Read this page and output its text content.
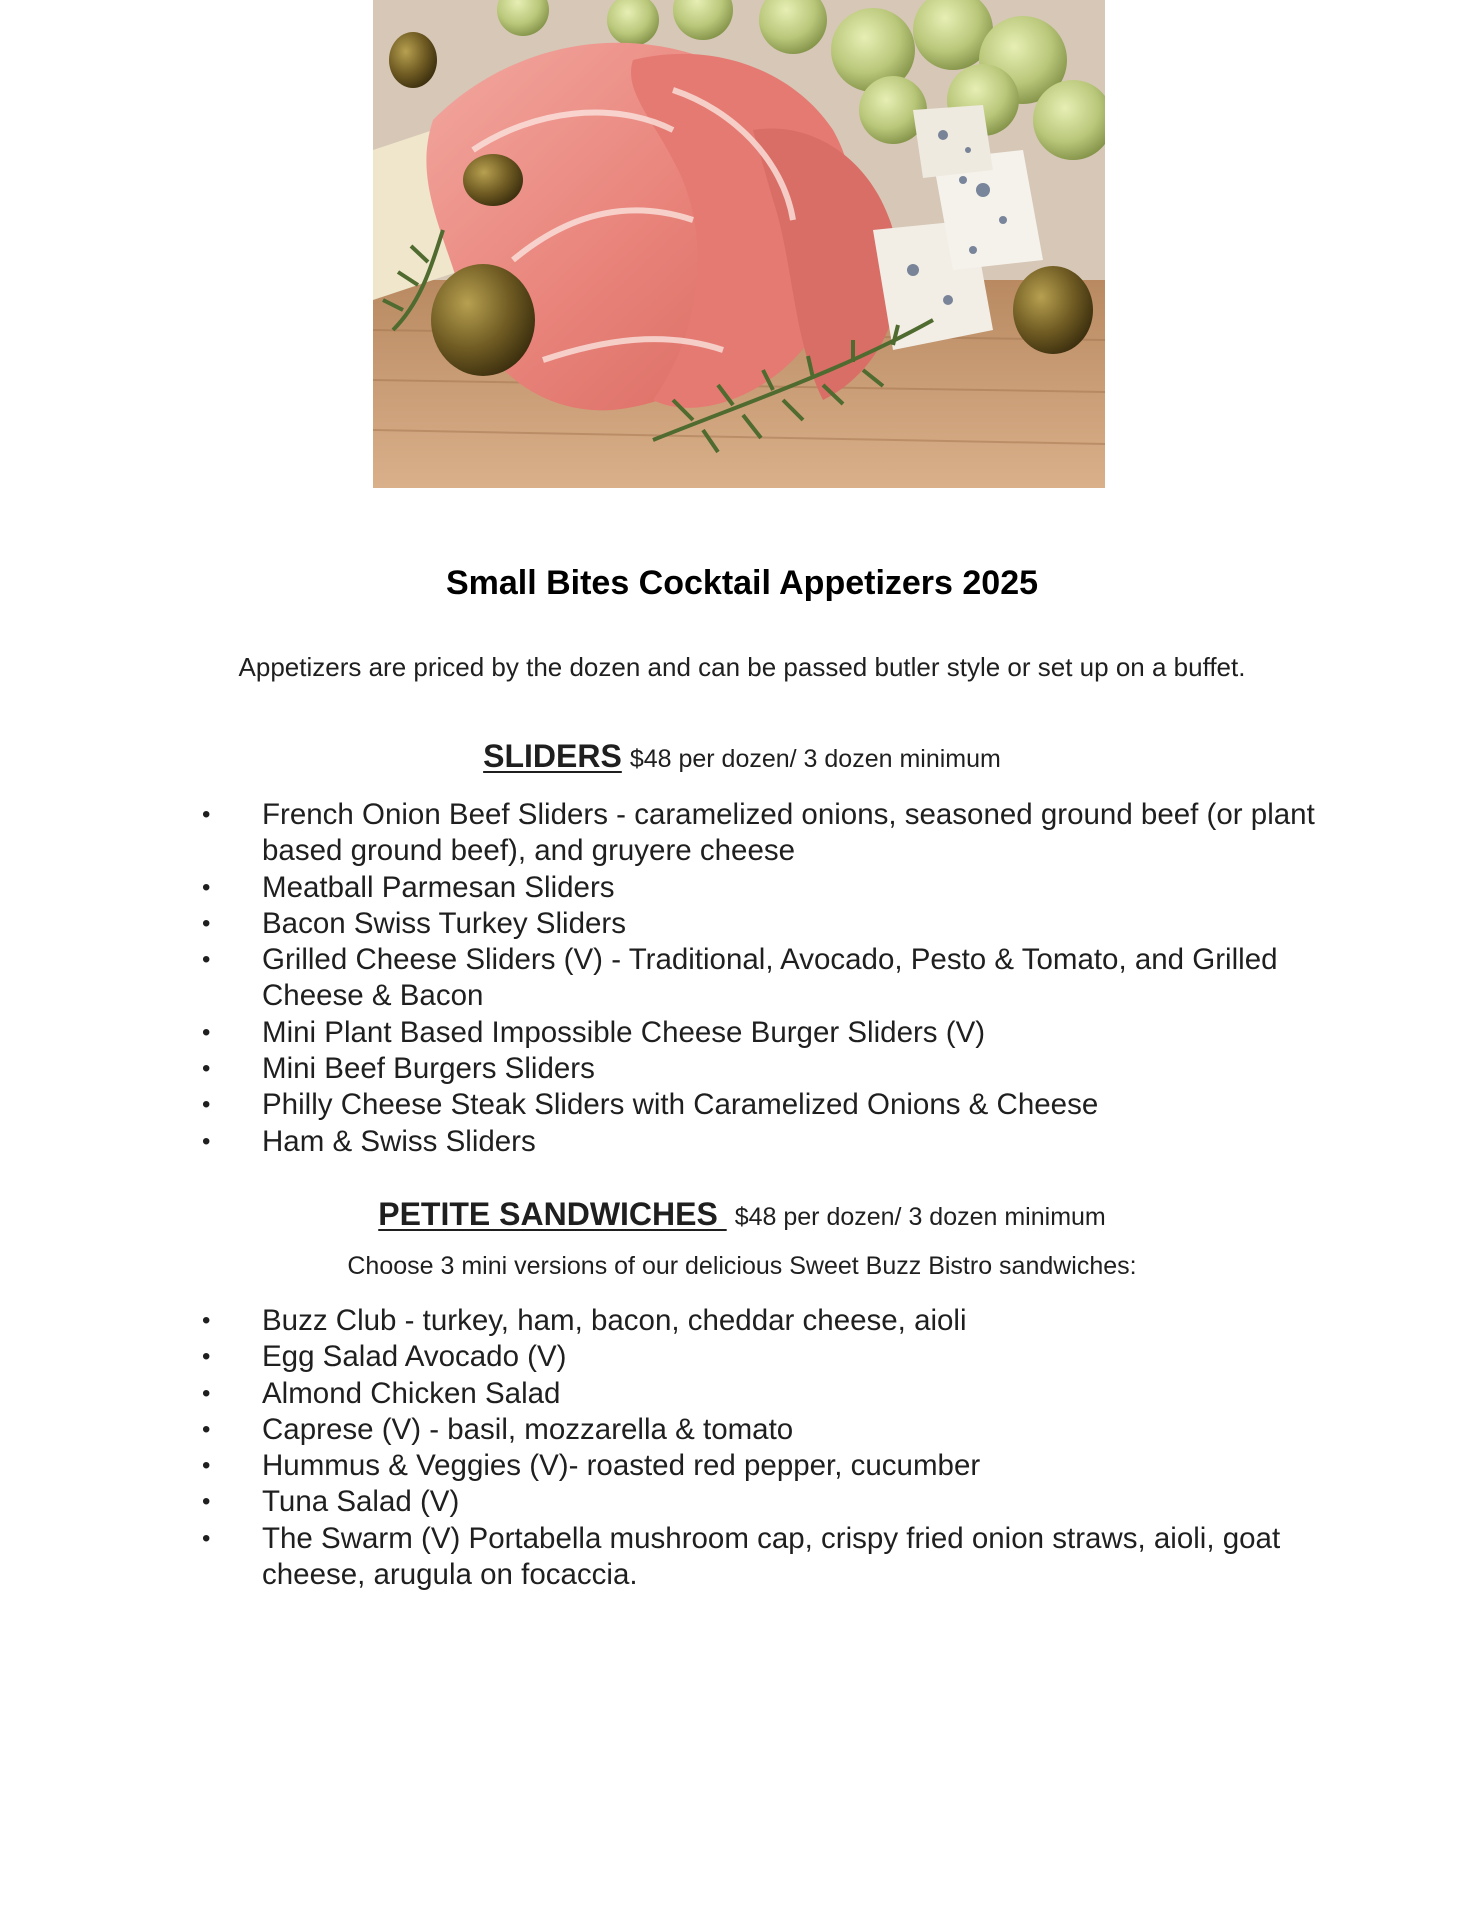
Small Bites Cocktail Appetizers 2025

Appetizers are priced by the dozen and can be passed butler style or set up on a buffet.

SLIDERS $48 per dozen/ 3 dozen minimum

• French Onion Beef Sliders - caramelized onions, seasoned ground beef (or plant based ground beef), and gruyere cheese
• Meatball Parmesan Sliders
• Bacon Swiss Turkey Sliders
• Grilled Cheese Sliders (V) - Traditional, Avocado, Pesto & Tomato, and Grilled Cheese & Bacon
• Mini Plant Based Impossible Cheese Burger Sliders (V)
• Mini Beef Burgers Sliders
• Philly Cheese Steak Sliders with Caramelized Onions & Cheese
• Ham & Swiss Sliders

PETITE SANDWICHES $48 per dozen/ 3 dozen minimum

Choose 3 mini versions of our delicious Sweet Buzz Bistro sandwiches:

• Buzz Club - turkey, ham, bacon, cheddar cheese, aioli
• Egg Salad Avocado (V)
• Almond Chicken Salad
• Caprese (V) - basil, mozzarella & tomato
• Hummus & Veggies (V)- roasted red pepper, cucumber
• Tuna Salad (V)
• The Swarm (V) Portabella mushroom cap, crispy fried onion straws, aioli, goat cheese, arugula on focaccia.
